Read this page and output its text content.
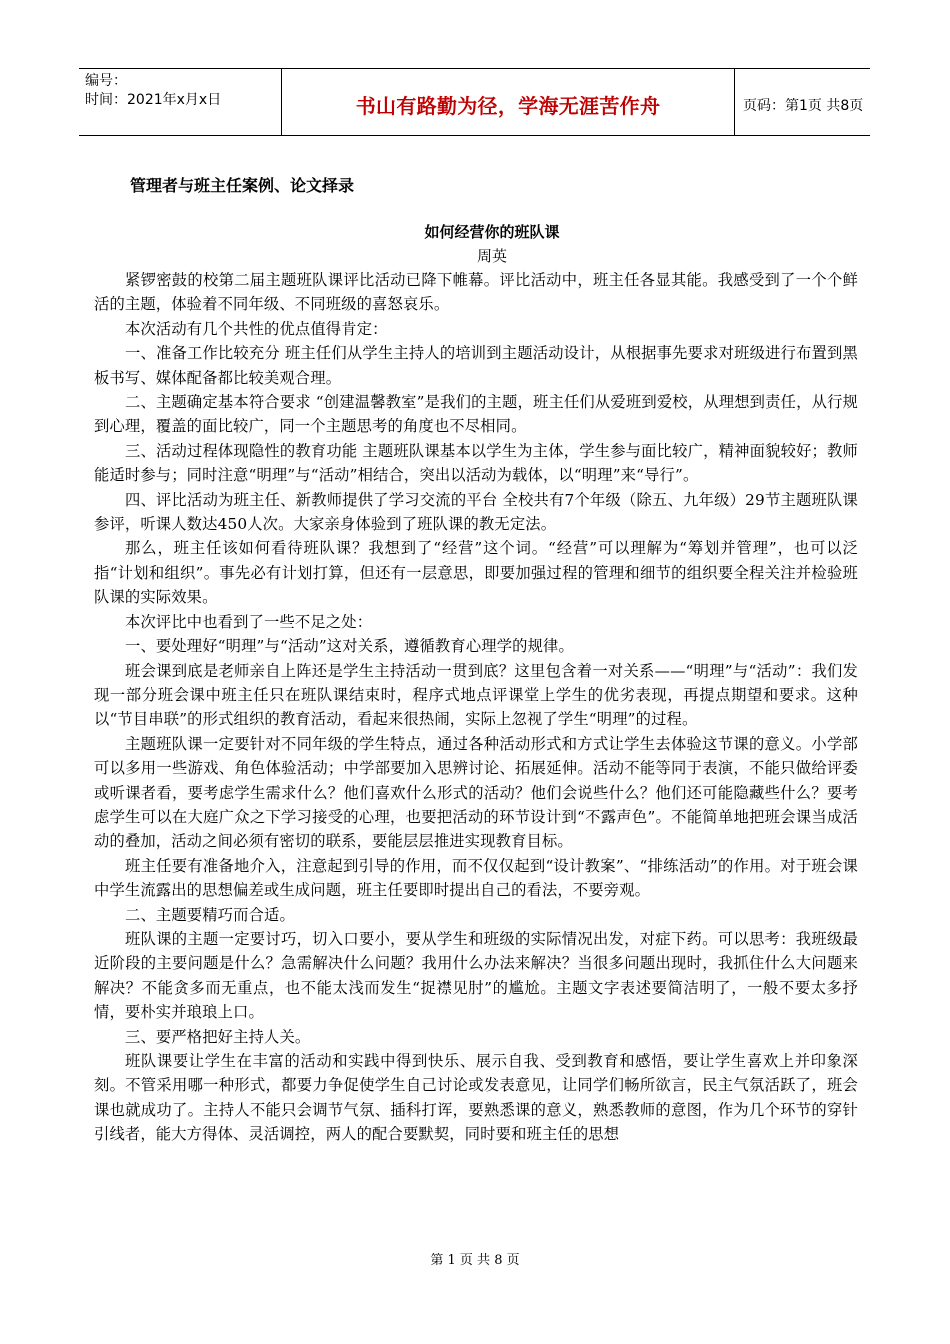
编号：
时间：2021年x月x日	书山有路勤为径，学海无涯苦作舟	页码：第1页 共8页
管理者与班主任案例、论文择录
如何经营你的班队课
周英

紧锣密鼓的校第二届主题班队课评比活动已降下帷幕。评比活动中，班主任各显其能。我感受到了一个个鲜活的主题，体验着不同年级、不同班级的喜怒哀乐。

本次活动有几个共性的优点值得肯定：

一、准备工作比较充分 班主任们从学生主持人的培训到主题活动设计，从根据事先要求对班级进行布置到黑板书写、媒体配备都比较美观合理。

二、主题确定基本符合要求 “创建温馨教室”是我们的主题，班主任们从爱班到爱校，从理想到责任，从行规到心理，覆盖的面比较广，同一个主题思考的角度也不尽相同。

三、活动过程体现隐性的教育功能 主题班队课基本以学生为主体，学生参与面比较广，精神面貌较好；教师能适时参与；同时注意“明理”与“活动”相结合，突出以活动为载体，以“明理”来“导行”。

四、评比活动为班主任、新教师提供了学习交流的平台 全校共有7个年级（除五、九年级）29节主题班队课参评，听课人数达450人次。大家亲身体验到了班队课的教无定法。

那么，班主任该如何看待班队课？我想到了“经营”这个词。“经营”可以理解为“筹划并管理”，也可以泛指“计划和组织”。事先必有计划打算，但还有一层意思，即要加强过程的管理和细节的组织要全程关注并检验班队课的实际效果。

本次评比中也看到了一些不足之处：

一、要处理好“明理”与“活动”这对关系，遵循教育心理学的规律。

班会课到底是老师亲自上阵还是学生主持活动一贯到底？这里包含着一对关系——“明理”与“活动”：我们发现一部分班会课中班主任只在班队课结束时，程序式地点评课堂上学生的优劣表现，再提点期望和要求。这种以“节目串联”的形式组织的教育活动，看起来很热闹，实际上忽视了学生“明理”的过程。

主题班队课一定要针对不同年级的学生特点，通过各种活动形式和方式让学生去体验这节课的意义。小学部可以多用一些游戏、角色体验活动；中学部要加入思辨讨论、拓展延伸。活动不能等同于表演，不能只做给评委或听课者看，要考虑学生需求什么？他们喜欢什么形式的活动？他们会说些什么？他们还可能隐藏些什么？要考虑学生可以在大庭广众之下学习接受的心理，也要把活动的环节设计到“不露声色”。不能简单地把班会课当成活动的叠加，活动之间必须有密切的联系，要能层层推进实现教育目标。

班主任要有准备地介入，注意起到引导的作用，而不仅仅起到“设计教案”、“排练活动”的作用。对于班会课中学生流露出的思想偏差或生成问题，班主任要即时提出自己的看法，不要旁观。

二、主题要精巧而合适。

班队课的主题一定要讨巧，切入口要小，要从学生和班级的实际情况出发，对症下药。可以思考：我班级最近阶段的主要问题是什么？急需解决什么问题？我用什么办法来解决？当很多问题出现时，我抓住什么大问题来解决？不能贪多而无重点，也不能太浅而发生“捉襟见肘”的尴尬。主题文字表述要简洁明了，一般不要太多抒情，要朴实并琅琅上口。

三、要严格把好主持人关。

班队课要让学生在丰富的活动和实践中得到快乐、展示自我、受到教育和感悟，要让学生喜欢上并印象深刻。不管采用哪一种形式，都要力争促使学生自己讨论或发表意见，让同学们畅所欲言，民主气氛活跃了，班会课也就成功了。主持人不能只会调节气氛、插科打诨，要熟悉课的意义，熟悉教师的意图，作为几个环节的穿针引线者，能大方得体、灵活调控，两人的配合要默契，同时要和班主任的思想

第 1 页 共 8 页
